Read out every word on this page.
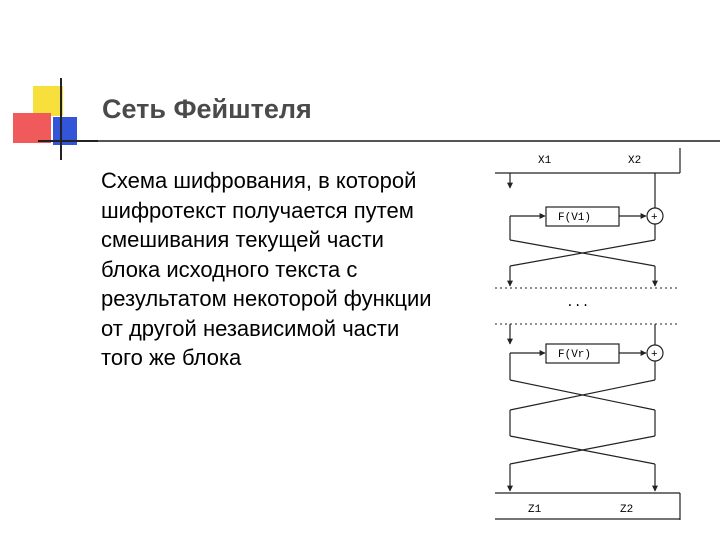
Сеть Фейштеля

Схема шифрования, в которой шифротекст получается путем смешивания текущей части блока исходного текста с результатом некоторой функции от другой независимой части того же блока

X1	X2
F(V1)	+
...
F(Vr)	+
Z1	Z2
